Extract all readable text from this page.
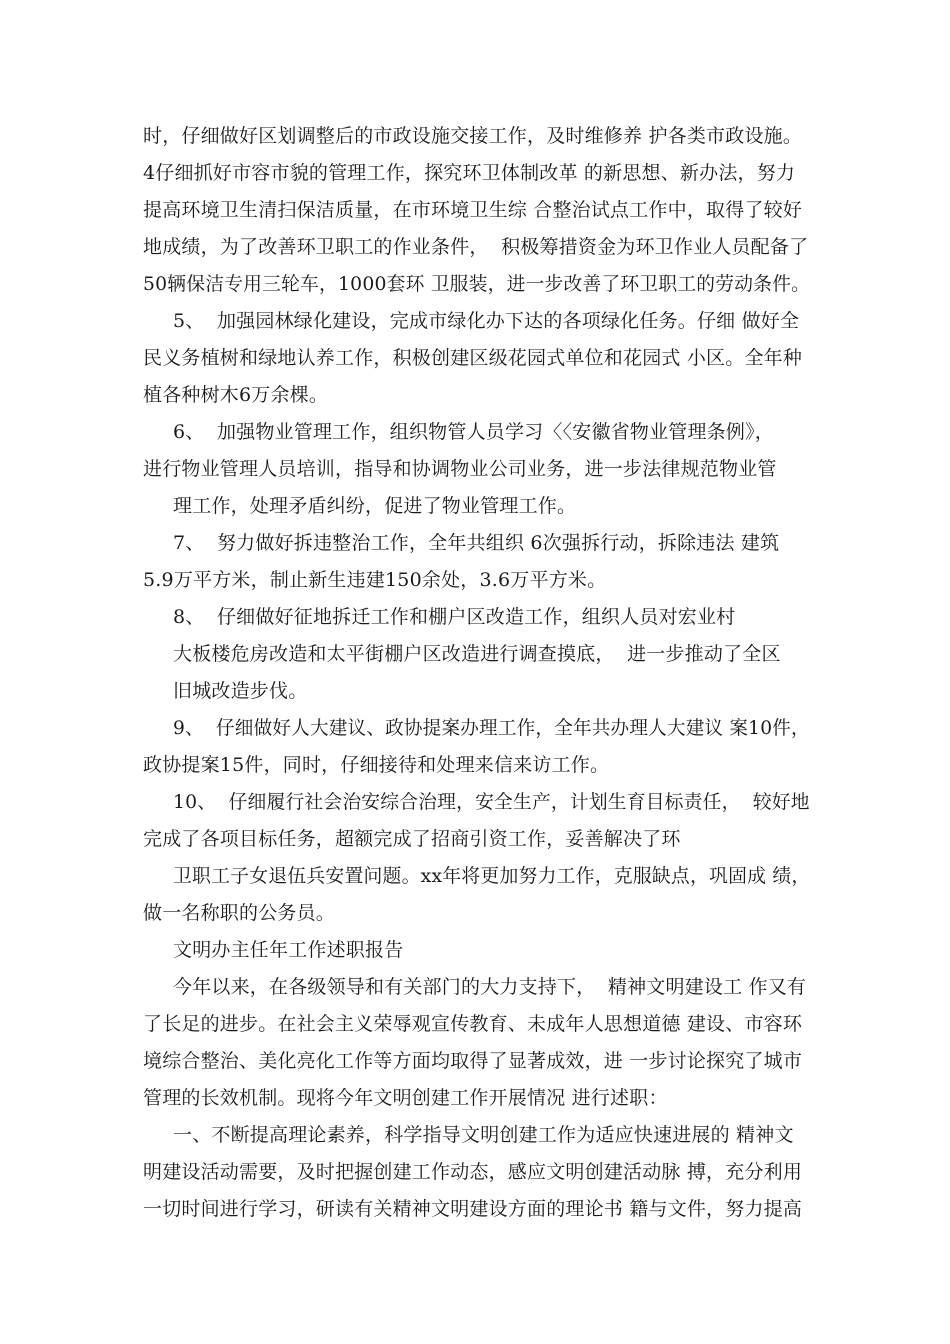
时，仔细做好区划调整后的市政设施交接工作，及时维修养 护各类市政设施。
4仔细抓好市容市貌的管理工作，探究环卫体制改革 的新思想、新办法，努力
提高环境卫生清扫保洁质量，在市环境卫生综 合整治试点工作中，取得了较好
地成绩，为了改善环卫职工的作业条件，  积极筹措资金为环卫作业人员配备了
50辆保洁专用三轮车，1000套环 卫服装，进一步改善了环卫职工的劳动条件。
5、  加强园林绿化建设，完成市绿化办下达的各项绿化任务。仔细 做好全
民义务植树和绿地认养工作，积极创建区级花园式单位和花园式 小区。全年种
植各种树木6万余棵。
6、  加强物业管理工作，组织物管人员学习〈〈安徽省物业管理条例》，
进行物业管理人员培训，指导和协调物业公司业务，进一步法律规范物业管
理工作，处理矛盾纠纷，促进了物业管理工作。
7、  努力做好拆违整治工作，全年共组织 6次强拆行动，拆除违法 建筑
5.9万平方米，制止新生违建150余处，3.6万平方米。
8、  仔细做好征地拆迁工作和棚户区改造工作，组织人员对宏业村
大板楼危房改造和太平街棚户区改造进行调查摸底，  进一步推动了全区
旧城改造步伐。
9、  仔细做好人大建议、政协提案办理工作，全年共办理人大建议 案10件，
政协提案15件，同时，仔细接待和处理来信来访工作。
10、  仔细履行社会治安综合治理，安全生产，计划生育目标责任，  较好地
完成了各项目标任务，超额完成了招商引资工作，妥善解决了环
卫职工子女退伍兵安置问题。xx年将更加努力工作，克服缺点，巩固成 绩，
做一名称职的公务员。
文明办主任年工作述职报告
今年以来，在各级领导和有关部门的大力支持下，  精神文明建设工 作又有
了长足的进步。在社会主义荣辱观宣传教育、未成年人思想道德 建设、市容环
境综合整治、美化亮化工作等方面均取得了显著成效，进 一步讨论探究了城市
管理的长效机制。现将今年文明创建工作开展情况 进行述职：
一、不断提高理论素养，科学指导文明创建工作为适应快速进展的 精神文
明建设活动需要，及时把握创建工作动态，感应文明创建活动脉 搏，充分利用
一切时间进行学习，研读有关精神文明建设方面的理论书 籍与文件，努力提高
